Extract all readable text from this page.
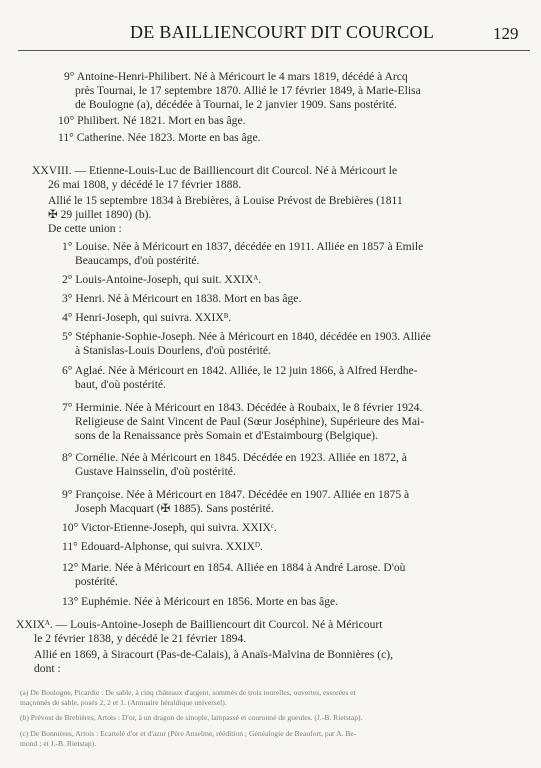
DE BAILLIENCOURT DIT COURCOL	129
9° Antoine-Henri-Philibert. Né à Méricourt le 4 mars 1819, décédé à Arcq
près Tournai, le 17 septembre 1870. Allié le 17 février 1849, à Marie-Elisa
de Boulogne (a), décédée à Tournai, le 2 janvier 1909. Sans postérité.
10° Philibert. Né 1821. Mort en bas âge.
11° Catherine. Née 1823. Morte en bas âge.
XXVIII. — Etienne-Louis-Luc de Bailliencourt dit Courcol. Né à Méricourt le
26 mai 1808, y décédé le 17 février 1888.
Allié le 15 septembre 1834 à Brebières, à Louise Prévost de Brebières (1811
✠ 29 juillet 1890) (b).
De cette union :
1° Louise. Née à Méricourt en 1837, décédée en 1911. Alliée en 1857 à Emile
Beaucamps, d'où postérité.
2° Louis-Antoine-Joseph, qui suit. XXIXᴬ.
3° Henri. Né à Méricourt en 1838. Mort en bas âge.
4° Henri-Joseph, qui suivra. XXIXᴮ.
5° Stéphanie-Sophie-Joseph. Née à Méricourt en 1840, décédée en 1903. Alliée
à Stanislas-Louis Dourlens, d'où postérité.
6° Aglaé. Née à Méricourt en 1842. Alliée, le 12 juin 1866, à Alfred Herdhe-
baut, d'où postérité.
7° Herminie. Née à Méricourt en 1843. Décédée à Roubaix, le 8 février 1924.
Religieuse de Saint Vincent de Paul (Sœur Joséphine), Supérieure des Mai-
sons de la Renaissance près Somain et d'Estaimbourg (Belgique).
8° Cornélie. Née à Méricourt en 1845. Décédée en 1923. Alliée en 1872, à
Gustave Hainsselin, d'où postérité.
9° Françoise. Née à Méricourt en 1847. Décédée en 1907. Alliée en 1875 à
Joseph Macquart (✠ 1885). Sans postérité.
10° Victor-Etienne-Joseph, qui suivra. XXIXᶜ.
11° Edouard-Alphonse, qui suivra. XXIXᴰ.
12° Marie. Née à Méricourt en 1854. Alliée en 1884 à André Larose. D'où
postérité.
13° Euphémie. Née à Méricourt en 1856. Morte en bas âge.
XXIXᴬ. — Louis-Antoine-Joseph de Bailliencourt dit Courcol. Né à Méricourt
le 2 février 1838, y décédé le 21 février 1894.
Allié en 1869, à Siracourt (Pas-de-Calais), à Anaïs-Malvina de Bonnières (c),
dont :
(a) De Boulogne, Picardie : De sable, à cinq châteaux d'argent, sommés de trois tourelles, ouvertes, essorées et
maçonnés de sable, posés 2, 2 et 1. (Annuaire héraldique universel).
(b) Prévost de Brebières, Artois : D'or, à un dragon de sinople, lampassé et couronné de gueules. (J.-B. Rietstap).
(c) De Bonnières, Artois : Ecartelé d'or et d'azur (Père Anselme, réédition ; Généalogie de Beaufort, par A. Be-
mond ; et J.-B. Rietstap).
